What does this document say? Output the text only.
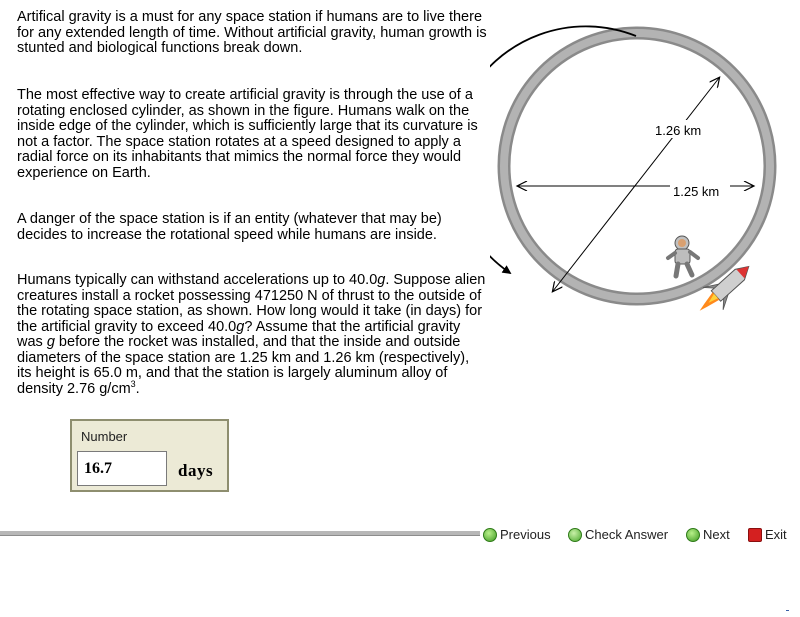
Artifical gravity is a must for any space station if humans are to live there for any extended length of time. Without artificial gravity, human growth is stunted and biological functions break down.

The most effective way to create artificial gravity is through the use of a rotating enclosed cylinder, as shown in the figure. Humans walk on the inside edge of the cylinder, which is sufficiently large that its curvature is not a factor. The space station rotates at a speed designed to apply a radial force on its inhabitants that mimics the normal force they would experience on Earth.

A danger of the space station is if an entity (whatever that may be) decides to increase the rotational speed while humans are inside.

Humans typically can withstand accelerations up to 40.0g. Suppose alien creatures install a rocket possessing 471250 N of thrust to the outside of the rotating space station, as shown. How long would it take (in days) for the artificial gravity to exceed 40.0g? Assume that the artificial gravity was g before the rocket was installed, and that the inside and outside diameters of the space station are 1.25 km and 1.26 km (respectively), its height is 65.0 m, and that the station is largely aluminum alloy of density 2.76 $g/cm^3$.

Number
16.7
days
1.26 km
1.25 km
Previous	Check Answer	Next	Exit
